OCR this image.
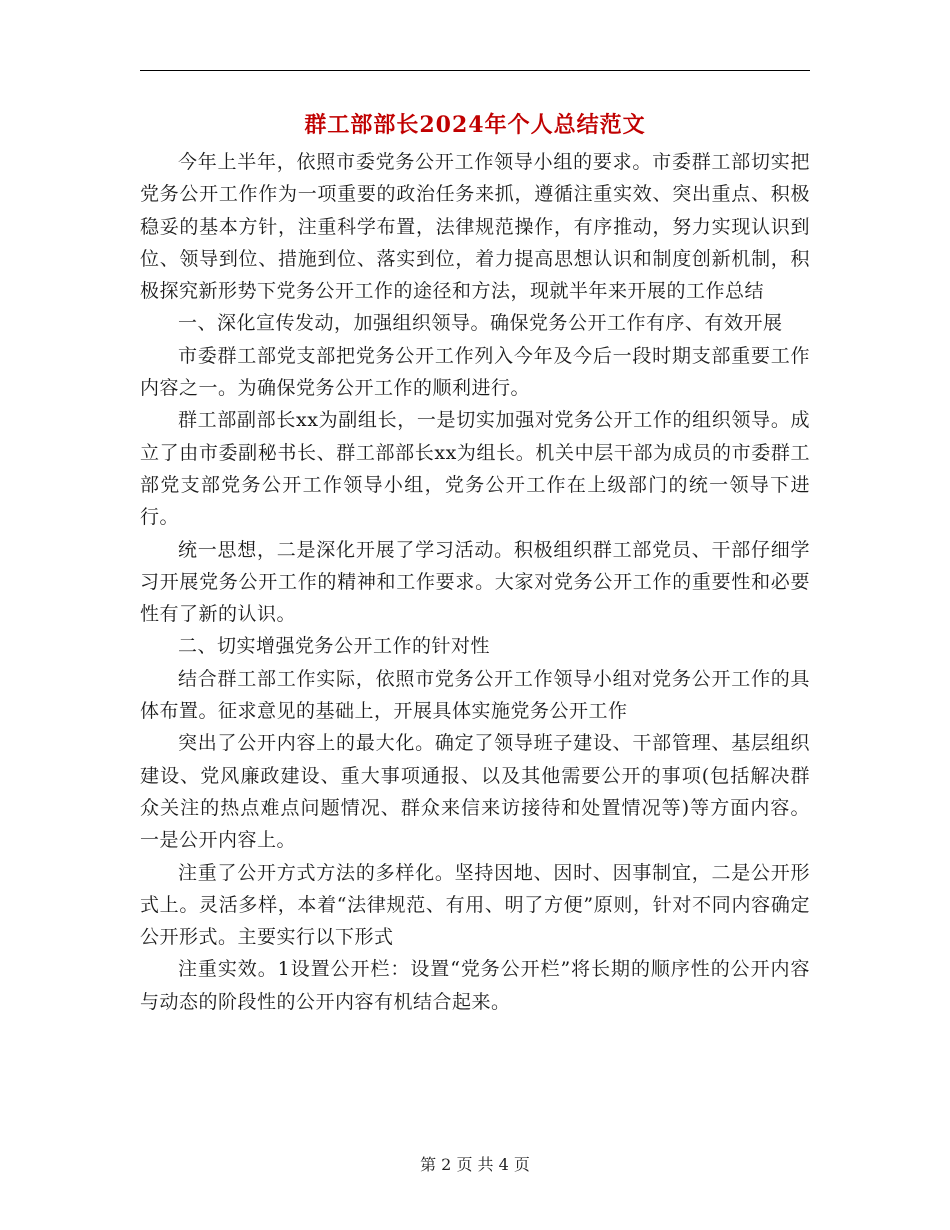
群工部部长2024年个人总结范文

今年上半年，依照市委党务公开工作领导小组的要求。市委群工部切实把党务公开工作作为一项重要的政治任务来抓，遵循注重实效、突出重点、积极稳妥的基本方针，注重科学布置，法律规范操作，有序推动，努力实现认识到位、领导到位、措施到位、落实到位，着力提高思想认识和制度创新机制，积极探究新形势下党务公开工作的途径和方法，现就半年来开展的工作总结

一、深化宣传发动，加强组织领导。确保党务公开工作有序、有效开展

市委群工部党支部把党务公开工作列入今年及今后一段时期支部重要工作内容之一。为确保党务公开工作的顺利进行。

群工部副部长xx为副组长，一是切实加强对党务公开工作的组织领导。成立了由市委副秘书长、群工部部长xx为组长。机关中层干部为成员的市委群工部党支部党务公开工作领导小组，党务公开工作在上级部门的统一领导下进行。

统一思想，二是深化开展了学习活动。积极组织群工部党员、干部仔细学习开展党务公开工作的精神和工作要求。大家对党务公开工作的重要性和必要性有了新的认识。

二、切实增强党务公开工作的针对性

结合群工部工作实际，依照市党务公开工作领导小组对党务公开工作的具体布置。征求意见的基础上，开展具体实施党务公开工作

突出了公开内容上的最大化。确定了领导班子建设、干部管理、基层组织建设、党风廉政建设、重大事项通报、以及其他需要公开的事项(包括解决群众关注的热点难点问题情况、群众来信来访接待和处置情况等)等方面内容。一是公开内容上。

注重了公开方式方法的多样化。坚持因地、因时、因事制宜，二是公开形式上。灵活多样，本着“法律规范、有用、明了方便”原则，针对不同内容确定公开形式。主要实行以下形式

注重实效。1设置公开栏：设置“党务公开栏”将长期的顺序性的公开内容与动态的阶段性的公开内容有机结合起来。

第 2 页 共 4 页
